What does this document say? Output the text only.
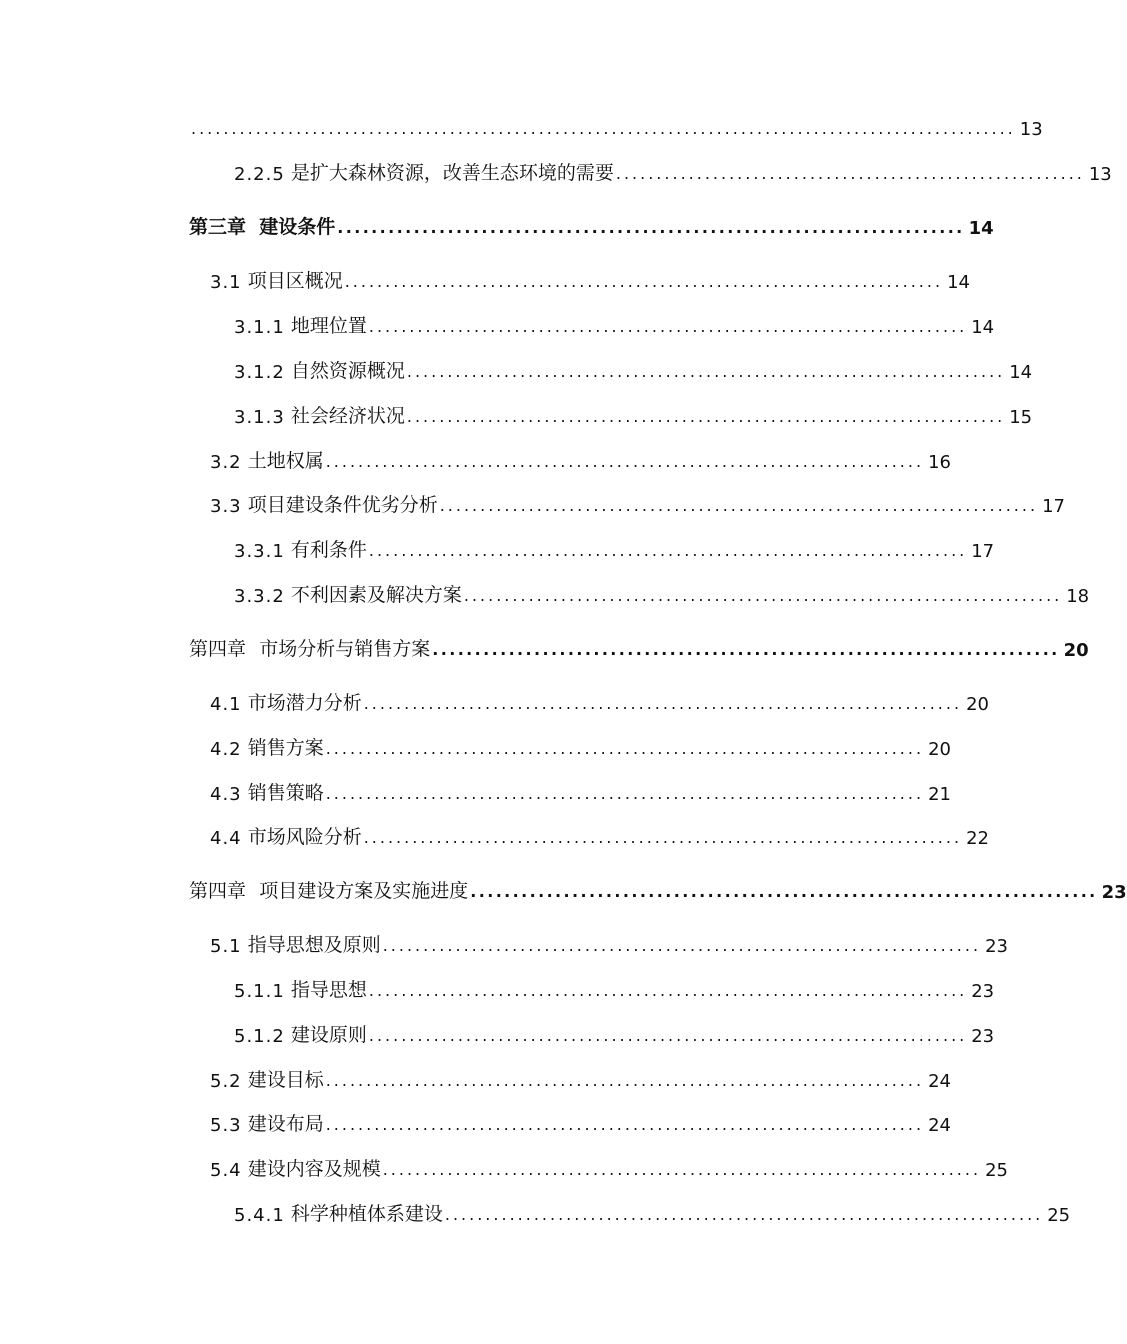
...................................................................................................... 13
2.2.5
是扩大森林资源，改善生态环境的需要 .......................................................... 13
第三章
建设条件 .......................................................................... 14
3.1
项目区概况 .......................................................................... 14
3.1.1
地理位置 .......................................................................... 14
3.1.2
自然资源概况 .......................................................................... 14
3.1.3
社会经济状况 .......................................................................... 15
3.2
土地权属 .......................................................................... 16
3.3
项目建设条件优劣分析 .......................................................................... 17
3.3.1
有利条件 .......................................................................... 17
3.3.2
不利因素及解决方案 .......................................................................... 18
第四章
市场分析与销售方案 .......................................................................... 20
4.1
市场潜力分析 .......................................................................... 20
4.2
销售方案 .......................................................................... 20
4.3
销售策略 .......................................................................... 21
4.4
市场风险分析 .......................................................................... 22
第四章
项目建设方案及实施进度 .......................................................................... 23
5.1
指导思想及原则 .......................................................................... 23
5.1.1
指导思想 .......................................................................... 23
5.1.2
建设原则 .......................................................................... 23
5.2
建设目标 .......................................................................... 24
5.3
建设布局 .......................................................................... 24
5.4
建设内容及规模 .......................................................................... 25
5.4.1
科学种植体系建设 .......................................................................... 25
